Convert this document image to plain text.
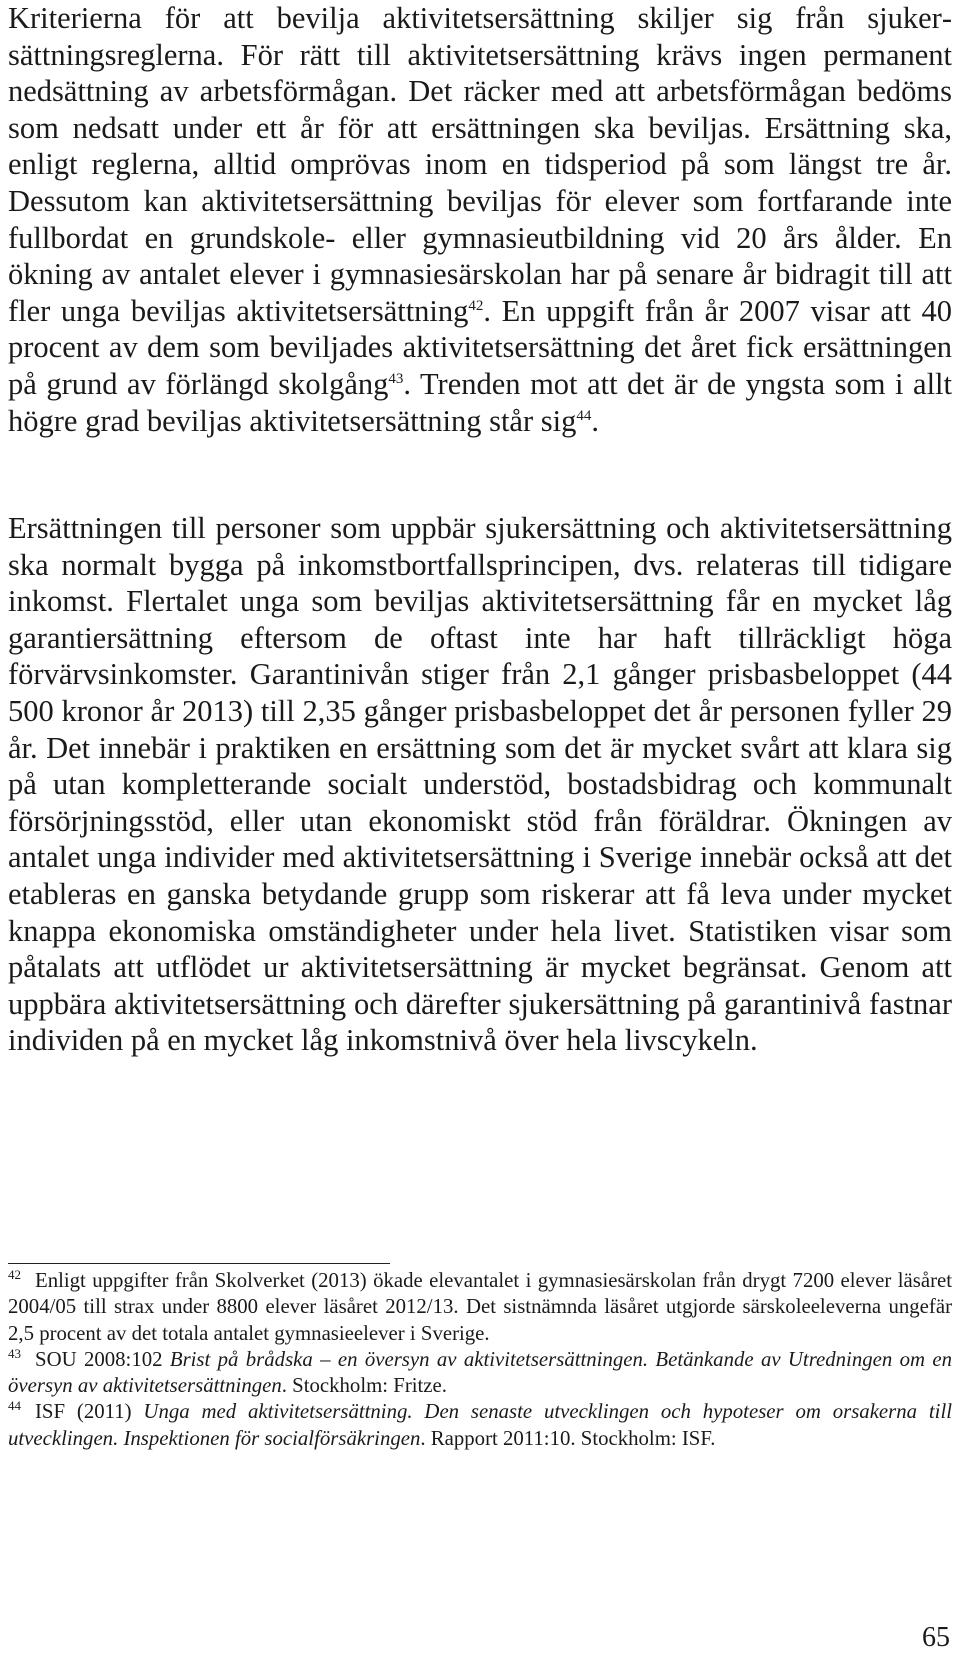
Kriterierna för att bevilja aktivitetsersättning skiljer sig från sjukersättningsreglerna. För rätt till aktivitetsersättning krävs ingen permanent nedsättning av arbetsförmågan. Det räcker med att arbetsförmågan bedöms som nedsatt under ett år för att ersättningen ska beviljas. Ersättning ska, enligt reglerna, alltid omprövas inom en tidsperiod på som längst tre år. Dessutom kan aktivitetsersättning beviljas för elever som fortfarande inte fullbordat en grundskole- eller gymnasieutbildning vid 20 års ålder. En ökning av antalet elever i gymnasiesärskolan har på senare år bidragit till att fler unga beviljas aktivitetsersättning$^{42}$. En uppgift från år 2007 visar att 40 procent av dem som beviljades aktivitetsersättning det året fick ersättningen på grund av förlängd skolgång$^{43}$. Trenden mot att det är de yngsta som i allt högre grad beviljas aktivitetsersättning står sig$^{44}$.

Ersättningen till personer som uppbär sjukersättning och aktivitetsersättning ska normalt bygga på inkomstbortfallsprincipen, dvs. relateras till tidigare inkomst. Flertalet unga som beviljas aktivitetsersättning får en mycket låg garantiersättning eftersom de oftast inte har haft tillräckligt höga förvärvsinkomster. Garantinivån stiger från 2,1 gånger prisbasbeloppet (44 500 kronor år 2013) till 2,35 gånger prisbasbeloppet det år personen fyller 29 år. Det innebär i praktiken en ersättning som det är mycket svårt att klara sig på utan kompletterande socialt understöd, bostadsbidrag och kommunalt försörjningsstöd, eller utan ekonomiskt stöd från föräldrar. Ökningen av antalet unga individer med aktivitetsersättning i Sverige innebär också att det etableras en ganska betydande grupp som riskerar att få leva under mycket knappa ekonomiska omständigheter under hela livet. Statistiken visar som påtalats att utflödet ur aktivitetsersättning är mycket begränsat. Genom att uppbära aktivitetsersättning och därefter sjukersättning på garantinivå fastnar individen på en mycket låg inkomstnivå över hela livscykeln.

$^{42}$ Enligt uppgifter från Skolverket (2013) ökade elevantalet i gymnasiesärskolan från drygt 7200 elever läsåret 2004/05 till strax under 8800 elever läsåret 2012/13. Det sistnämnda läsåret utgjorde särskoleeleverna ungefär 2,5 procent av det totala antalet gymnasieelever i Sverige.

$^{43}$ SOU 2008:102 Brist på brådska – en översyn av aktivitetsersättningen. Betänkande av Utredningen om en översyn av aktivitetsersättningen. Stockholm: Fritze.

$^{44}$ ISF (2011) Unga med aktivitetsersättning. Den senaste utvecklingen och hypoteser om orsakerna till utvecklingen. Inspektionen för socialförsäkringen. Rapport 2011:10. Stockholm: ISF.

65
